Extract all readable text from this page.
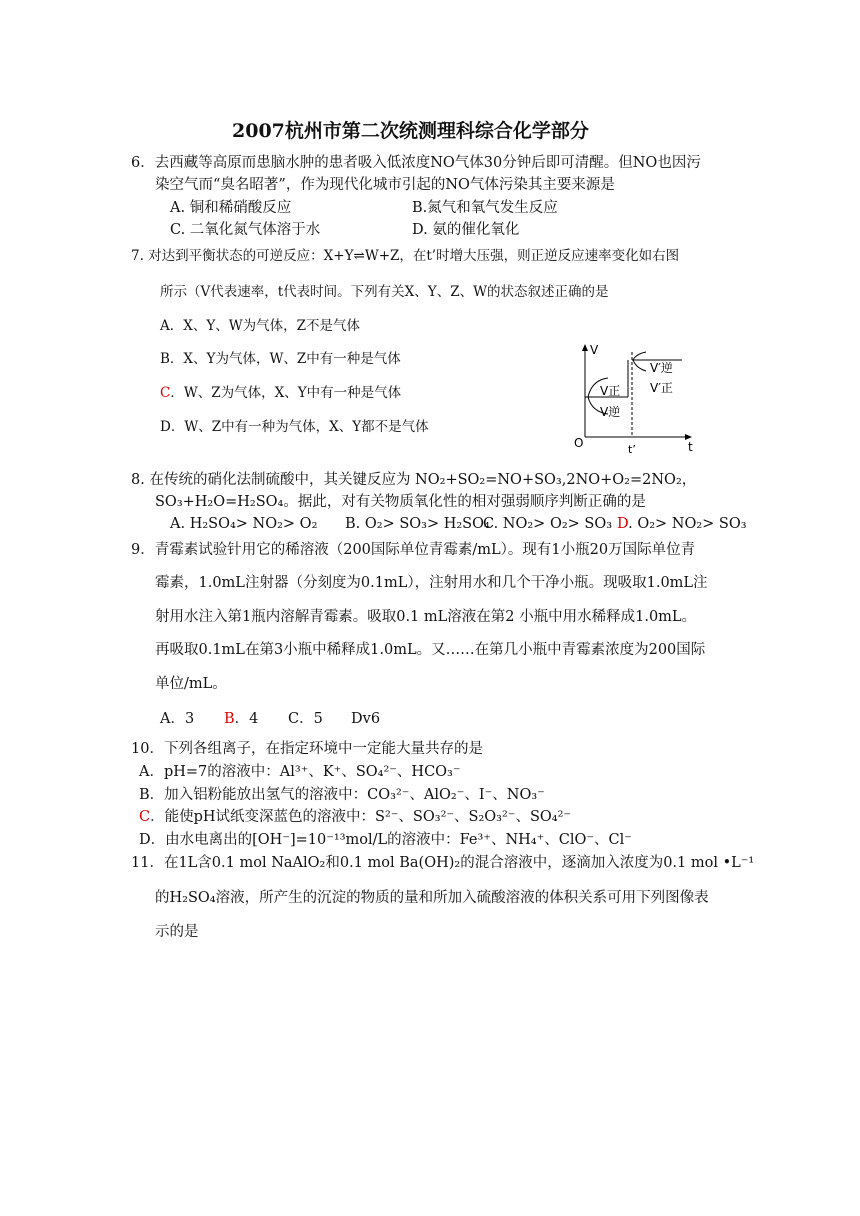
2007杭州市第二次统测理科综合化学部分
6．去西藏等高原而患脑水肿的患者吸入低浓度NO气体30分钟后即可清醒。但NO也因污
染空气而“臭名昭著”，作为现代化城市引起的NO气体污染其主要来源是
A. 铜和稀硝酸反应	B.氮气和氧气发生反应
C. 二氧化氮气体溶于水	D. 氨的催化氧化
7. 对达到平衡状态的可逆反应：X+Y⇌W+Z，在t’时增大压强，则正逆反应速率变化如右图
所示（V代表速率，t代表时间。下列有关X、Y、Z、W的状态叙述正确的是
A．X、Y、W为气体，Z不是气体
B．X、Y为气体，W、Z中有一种是气体
C．W、Z为气体，X、Y中有一种是气体
D．W、Z中有一种为气体，X、Y都不是气体
V
t
O	t’
V正
V逆
V′逆
V′正
8. 在传统的硝化法制硫酸中，其关键反应为 NO₂+SO₂=NO+SO₃,2NO+O₂=2NO₂，
SO₃+H₂O=H₂SO₄。据此，对有关物质氧化性的相对强弱顺序判断正确的是
A. H₂SO₄> NO₂> O₂ B. O₂> SO₃> H₂SO₄
C. NO₂> O₂> SO₃ D. O₂> NO₂> SO₃
9．青霉素试验针用它的稀溶液（200国际单位青霉素/mL）。现有1小瓶20万国际单位青
霉素，1.0mL注射器（分刻度为0.1mL），注射用水和几个干净小瓶。现吸取1.0mL注
射用水注入第1瓶内溶解青霉素。吸取0.1 mL溶液在第2 小瓶中用水稀释成1.0mL。
再吸取0.1mL在第3小瓶中稀释成1.0mL。又……在第几小瓶中青霉素浓度为200国际
单位/mL。
A．3 B．4 C．5 Dv6
10．下列各组离子，在指定环境中一定能大量共存的是
A．pH=7的溶液中：Al³⁺、K⁺、SO₄²⁻、HCO₃⁻
B．加入铝粉能放出氢气的溶液中：CO₃²⁻、AlO₂⁻、I⁻、NO₃⁻
C．能使pH试纸变深蓝色的溶液中：S²⁻、SO₃²⁻、S₂O₃²⁻、SO₄²⁻
D．由水电离出的[OH⁻]=10⁻¹³mol/L的溶液中：Fe³⁺、NH₄⁺、ClO⁻、Cl⁻
11．在1L含0.1 mol NaAlO₂和0.1 mol Ba(OH)₂的混合溶液中，逐滴加入浓度为0.1 mol •L⁻¹
的H₂SO₄溶液，所产生的沉淀的物质的量和所加入硫酸溶液的体积关系可用下列图像表
示的是
